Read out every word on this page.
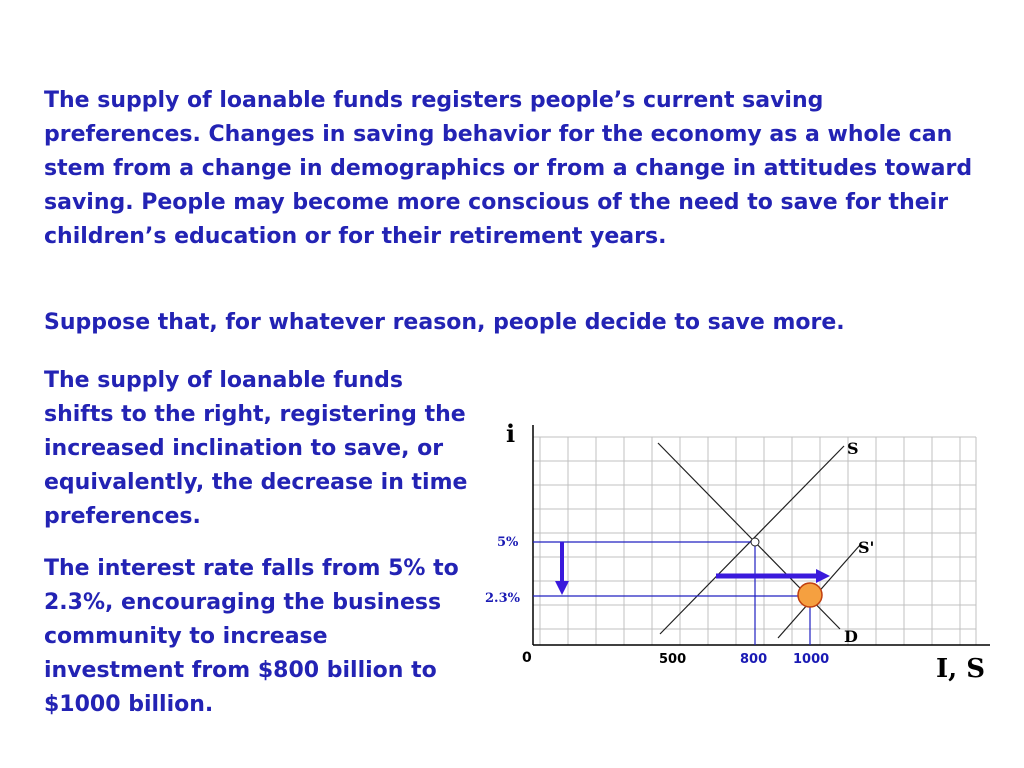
The supply of loanable funds registers people’s current saving preferences. Changes in saving behavior for the economy as a whole can stem from a change in demographics or from a change in attitudes toward saving. People may become more conscious of the need to save for their children’s education or for their retirement years.

Suppose that, for whatever reason, people decide to save more.

The supply of loanable funds shifts to the right, registering the increased inclination to save, or equivalently, the decrease in time preferences.

The interest rate falls from 5% to 2.3%, encouraging the business community to increase investment from $800 billion to $1000 billion.

i
I, S
0	500	800 1000
5%
2.3%
S
S'
D
